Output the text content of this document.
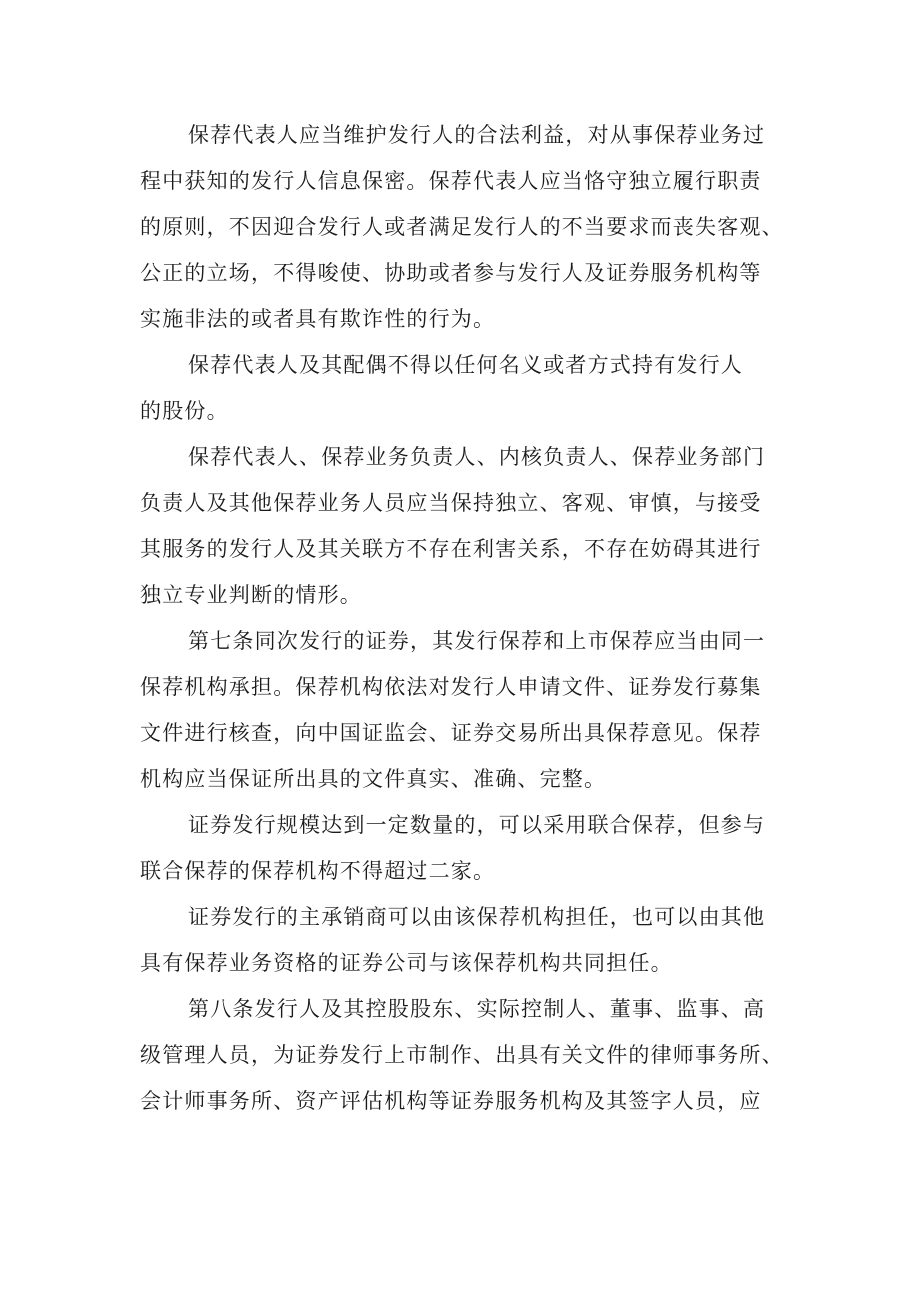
保荐代表人应当维护发行人的合法利益，对从事保荐业务过
程中获知的发行人信息保密。保荐代表人应当恪守独立履行职责
的原则，不因迎合发行人或者满足发行人的不当要求而丧失客观、
公正的立场，不得唆使、协助或者参与发行人及证券服务机构等
实施非法的或者具有欺诈性的行为。

保荐代表人及其配偶不得以任何名义或者方式持有发行人
的股份。

保荐代表人、保荐业务负责人、内核负责人、保荐业务部门
负责人及其他保荐业务人员应当保持独立、客观、审慎，与接受
其服务的发行人及其关联方不存在利害关系，不存在妨碍其进行
独立专业判断的情形。

第七条同次发行的证券，其发行保荐和上市保荐应当由同一
保荐机构承担。保荐机构依法对发行人申请文件、证券发行募集
文件进行核查，向中国证监会、证券交易所出具保荐意见。保荐
机构应当保证所出具的文件真实、准确、完整。

证券发行规模达到一定数量的，可以采用联合保荐，但参与
联合保荐的保荐机构不得超过二家。

证券发行的主承销商可以由该保荐机构担任，也可以由其他
具有保荐业务资格的证券公司与该保荐机构共同担任。

第八条发行人及其控股股东、实际控制人、董事、监事、高
级管理人员，为证券发行上市制作、出具有关文件的律师事务所、
会计师事务所、资产评估机构等证券服务机构及其签字人员，应
